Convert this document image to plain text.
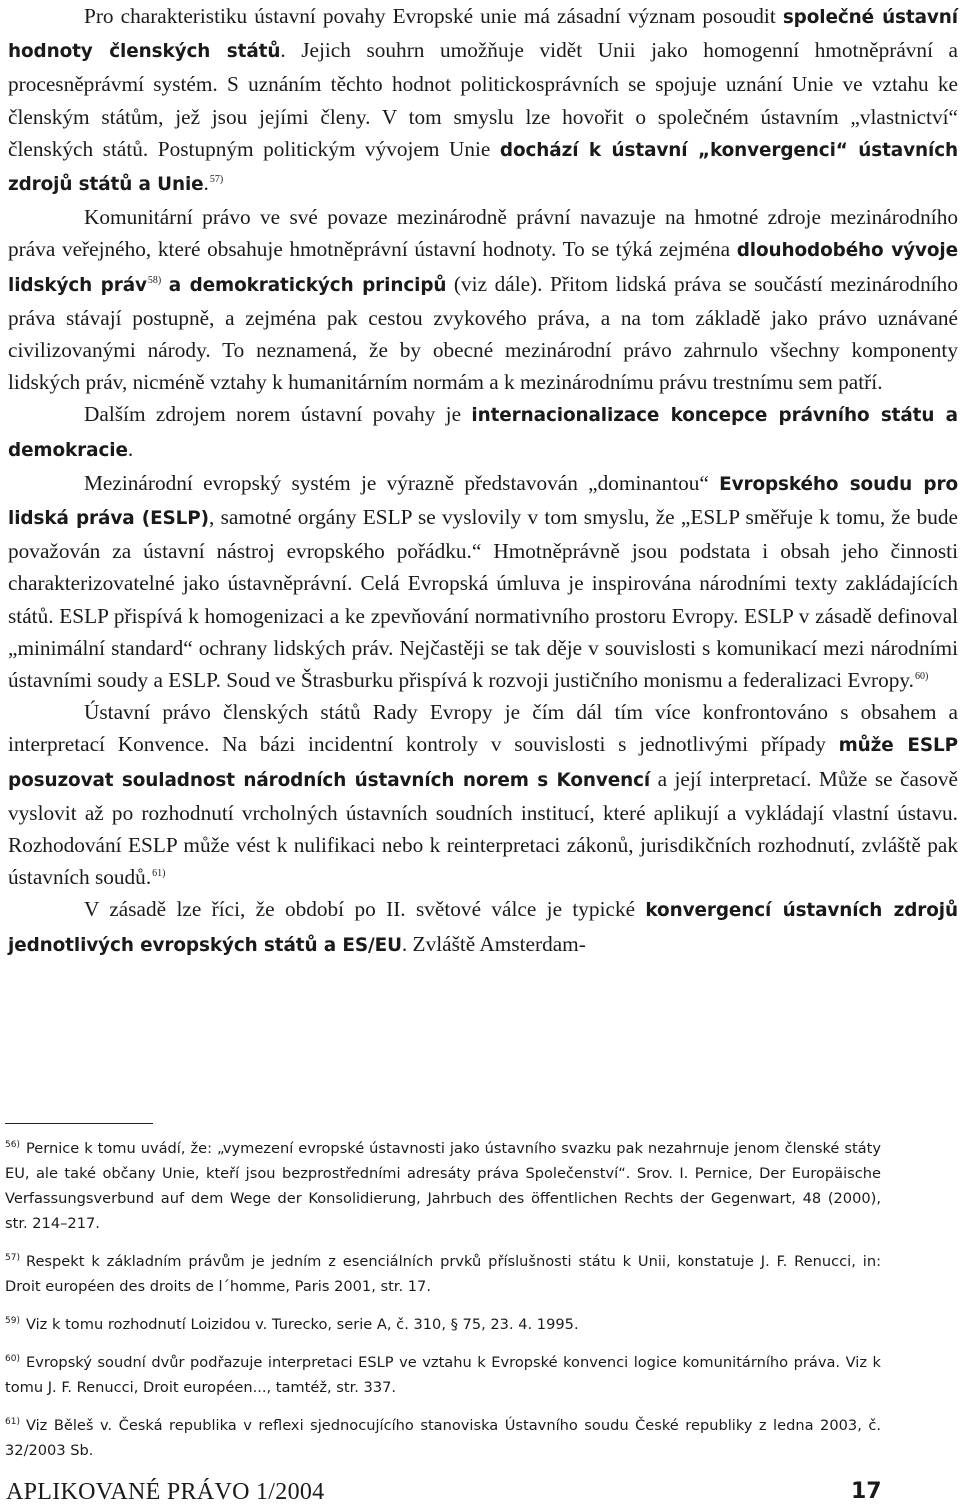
Pro charakteristiku ústavní povahy Evropské unie má zásadní význam posoudit společné ústavní hodnoty členských států. Jejich souhrn umožňuje vidět Unii jako homogenní hmotněprávní a procesněprávmí systém. S uznáním těchto hodnot politickosprávních se spojuje uznání Unie ve vztahu ke členským státům, jež jsou jejími členy. V tom smyslu lze hovořit o společném ústavním „vlastnictví“ členských států. Postupným politickým vývojem Unie dochází k ústavní „konvergenci“ ústavních zdrojů států a Unie.$^{57)}$

Komunitární právo ve své povaze mezinárodně právní navazuje na hmotné zdroje mezinárodního práva veřejného, které obsahuje hmotněprávní ústavní hodnoty. To se týká zejména dlouhodobého vývoje lidských práv$^{58)}$ a demokratických principů (viz dále). Přitom lidská práva se součástí mezinárodního práva stávají postupně, a zejména pak cestou zvykového práva, a na tom základě jako právo uznávané civilizovanými národy. To neznamená, že by obecné mezinárodní právo zahrnulo všechny komponenty lidských práv, nicméně vztahy k humanitárním normám a k mezinárodnímu právu trestnímu sem patří.

Dalším zdrojem norem ústavní povahy je internacionalizace koncepce právního státu a demokracie.

Mezinárodní evropský systém je výrazně představován „dominantou“ Evropského soudu pro lidská práva (ESLP), samotné orgány ESLP se vyslovily v tom smyslu, že „ESLP směřuje k tomu, že bude považován za ústavní nástroj evropského pořádku.“ Hmotněprávně jsou podstata i obsah jeho činnosti charakterizovatelné jako ústavněprávní. Celá Evropská úmluva je inspirována národními texty zakládajících států. ESLP přispívá k homogenizaci a ke zpevňování normativního prostoru Evropy. ESLP v zásadě definoval „minimální standard“ ochrany lidských práv. Nejčastěji se tak děje v souvislosti s komunikací mezi národními ústavními soudy a ESLP. Soud ve Štrasburku přispívá k rozvoji justičního monismu a federalizaci Evropy.$^{60)}$

Ústavní právo členských států Rady Evropy je čím dál tím více konfrontováno s obsahem a interpretací Konvence. Na bázi incidentní kontroly v souvislosti s jednotlivými případy může ESLP posuzovat souladnost národních ústavních norem s Konvencí a její interpretací. Může se časově vyslovit až po rozhodnutí vrcholných ústavních soudních institucí, které aplikují a vykládají vlastní ústavu. Rozhodování ESLP může vést k nulifikaci nebo k reinterpretaci zákonů, jurisdikčních rozhodnutí, zvláště pak ústavních soudů.$^{61)}$

V zásadě lze říci, že období po II. světové válce je typické konvergencí ústavních zdrojů jednotlivých evropských států a ES/EU. Zvláště Amsterdam-

$^{56)}$ Pernice k tomu uvádí, že: „vymezení evropské ústavnosti jako ústavního svazku pak nezahrnuje jenom členské státy EU, ale také občany Unie, kteří jsou bezprostředními adresáty práva Společenství“. Srov. I. Pernice, Der Europäische Verfassungsverbund auf dem Wege der Konsolidierung, Jahrbuch des öffentlichen Rechts der Gegenwart, 48 (2000), str. 214–217.
$^{57)}$ Respekt k základním právům je jedním z esenciálních prvků příslušnosti státu k Unii, konstatuje J. F. Renucci, in: Droit européen des droits de l´homme, Paris 2001, str. 17.
$^{59)}$ Viz k tomu rozhodnutí Loizidou v. Turecko, serie A, č. 310, § 75, 23. 4. 1995.
$^{60)}$ Evropský soudní dvůr podřazuje interpretaci ESLP ve vztahu k Evropské konvenci logice komunitárního práva. Viz k tomu J. F. Renucci, Droit européen..., tamtéž, str. 337.
$^{61)}$ Viz Běleš v. Česká republika v reflexi sjednocujícího stanoviska Ústavního soudu České republiky z ledna 2003, č. 32/2003 Sb.
APLIKOVANÉ PRÁVO 1/2004	17
